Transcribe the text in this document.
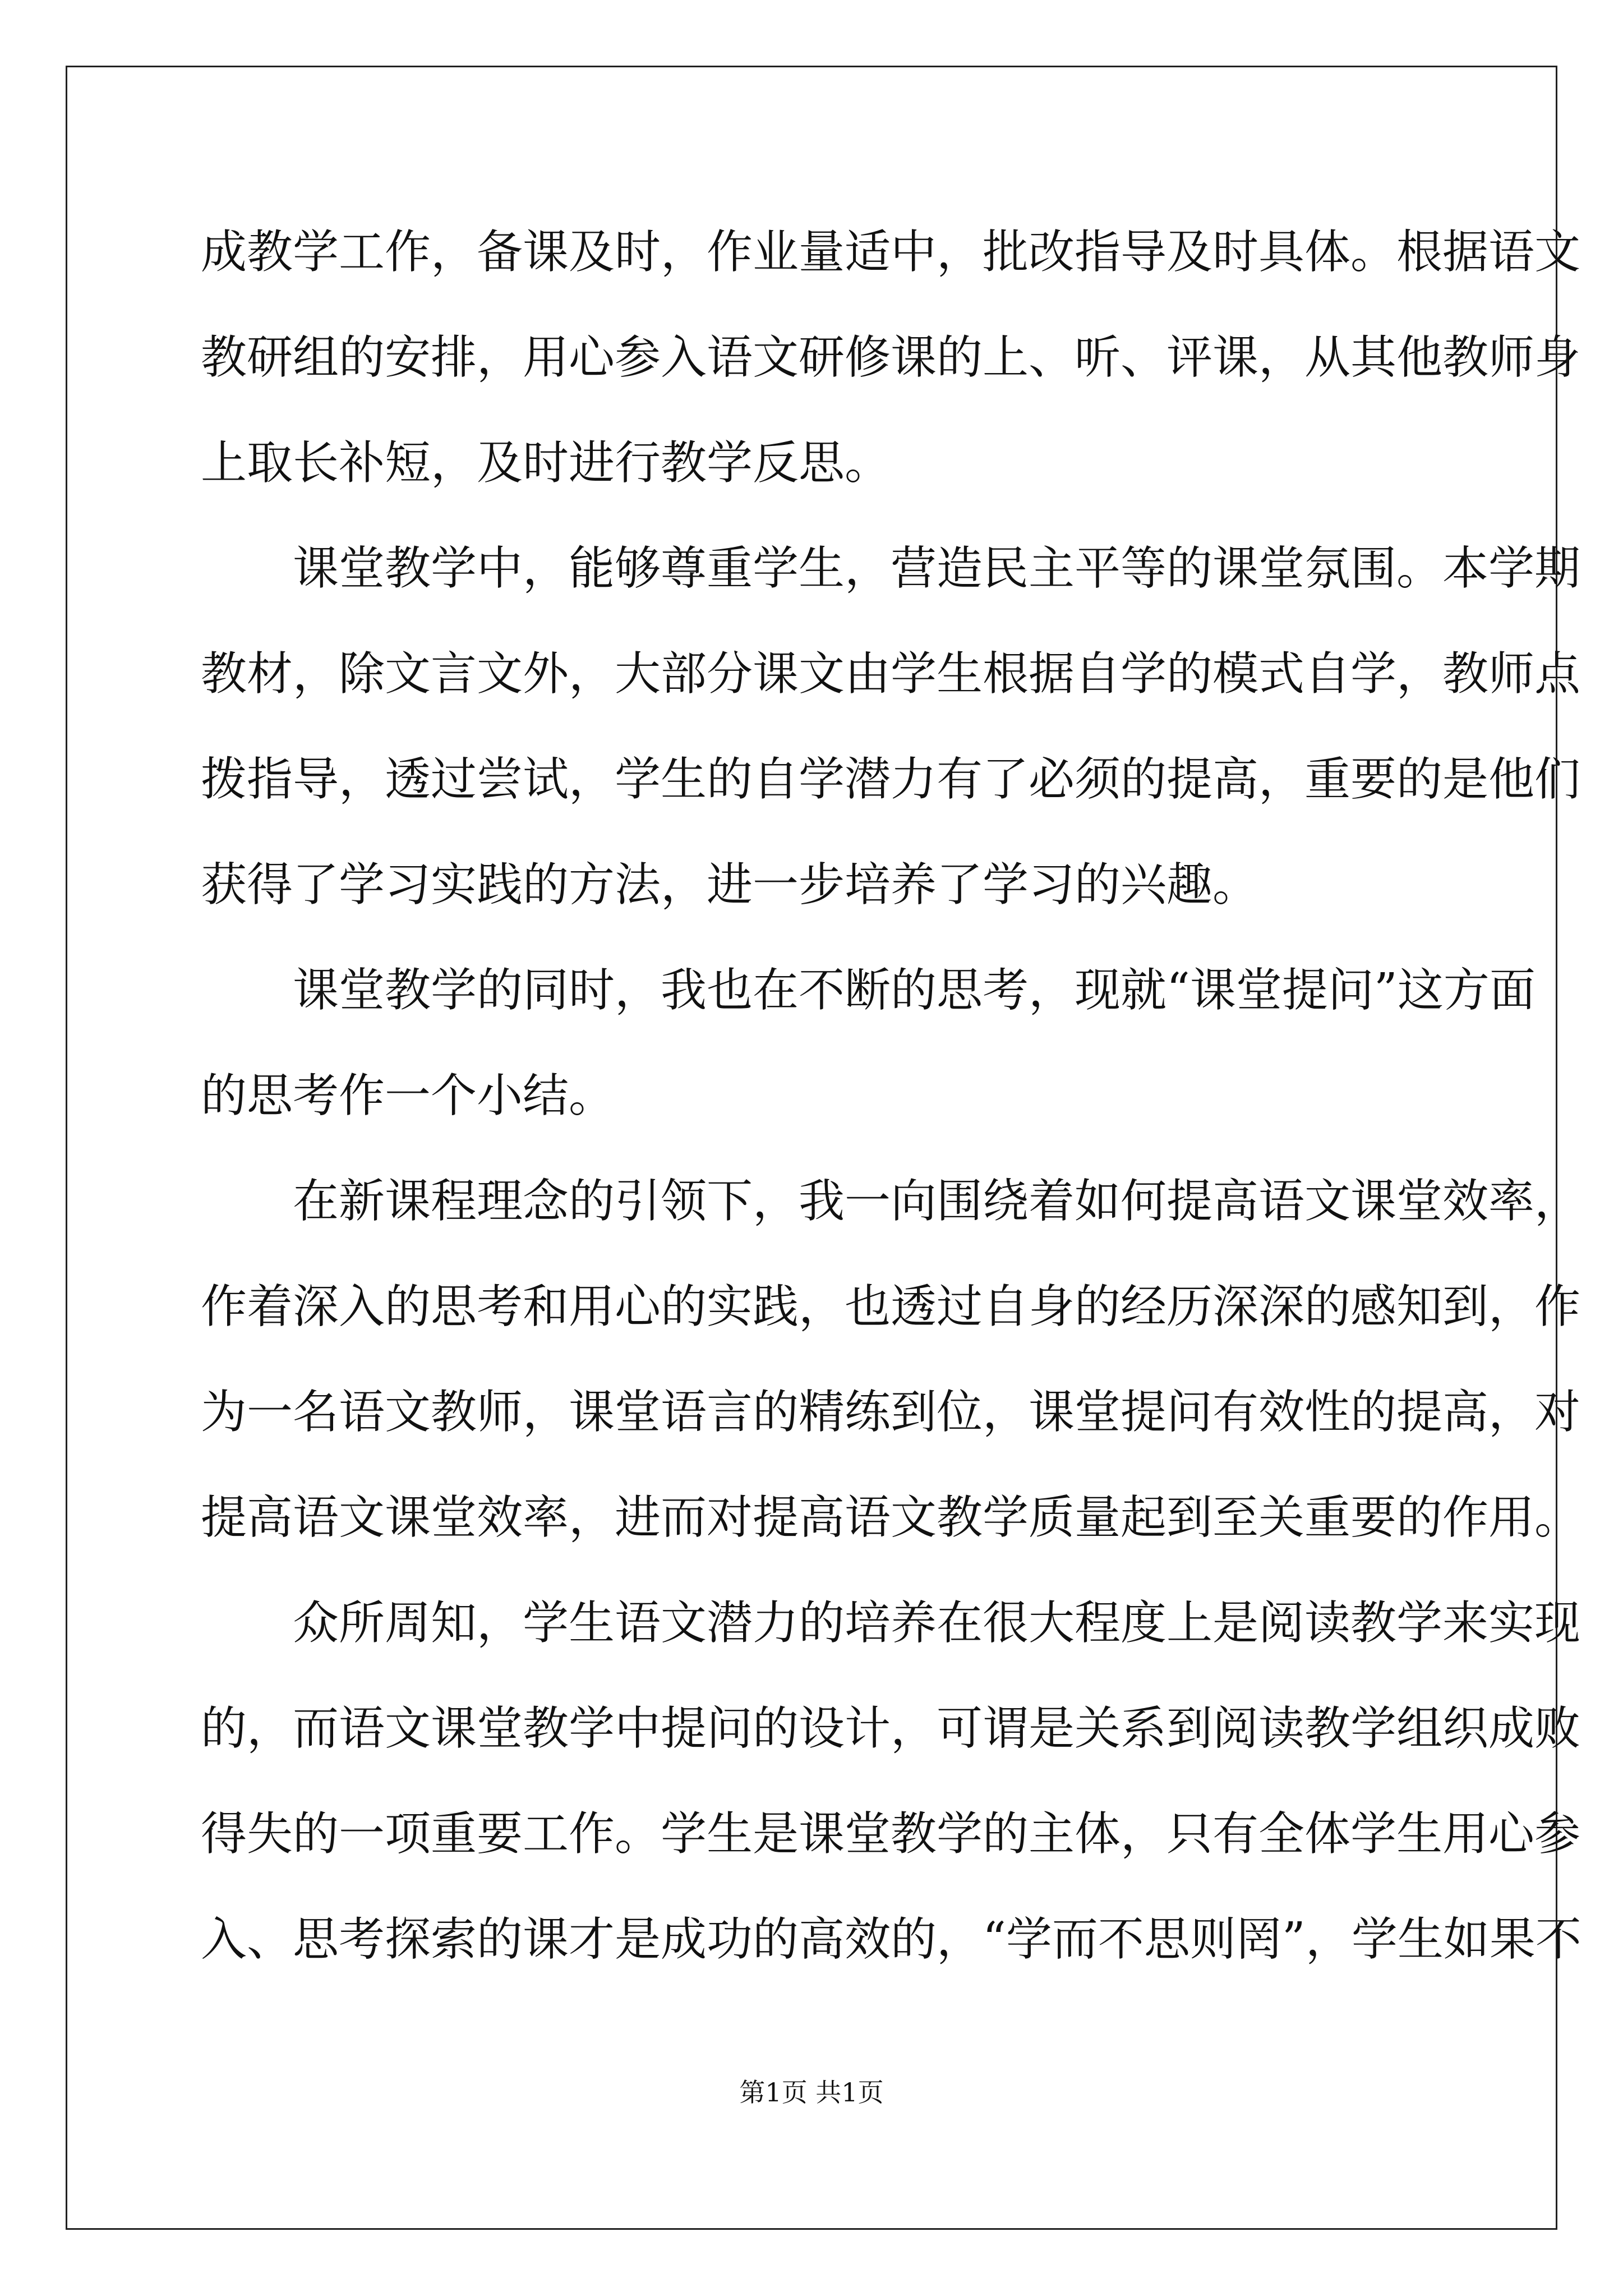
成教学工作，备课及时，作业量适中，批改指导及时具体。根据语文
教研组的安排，用心参入语文研修课的上、听、评课，从其他教师身
上取长补短，及时进行教学反思。
课堂教学中，能够尊重学生，营造民主平等的课堂氛围。本学期
教材，除文言文外，大部分课文由学生根据自学的模式自学，教师点
拨指导，透过尝试，学生的自学潜力有了必须的提高，重要的是他们
获得了学习实践的方法，进一步培养了学习的兴趣。
课堂教学的同时，我也在不断的思考，现就“课堂提问”这方面
的思考作一个小结。
在新课程理念的引领下，我一向围绕着如何提高语文课堂效率，
作着深入的思考和用心的实践，也透过自身的经历深深的感知到，作
为一名语文教师，课堂语言的精练到位，课堂提问有效性的提高，对
提高语文课堂效率，进而对提高语文教学质量起到至关重要的作用。
众所周知，学生语文潜力的培养在很大程度上是阅读教学来实现
的，而语文课堂教学中提问的设计，可谓是关系到阅读教学组织成败
得失的一项重要工作。学生是课堂教学的主体，只有全体学生用心参
入、思考探索的课才是成功的高效的，“学而不思则罔”，学生如果不
第1页 共1页
